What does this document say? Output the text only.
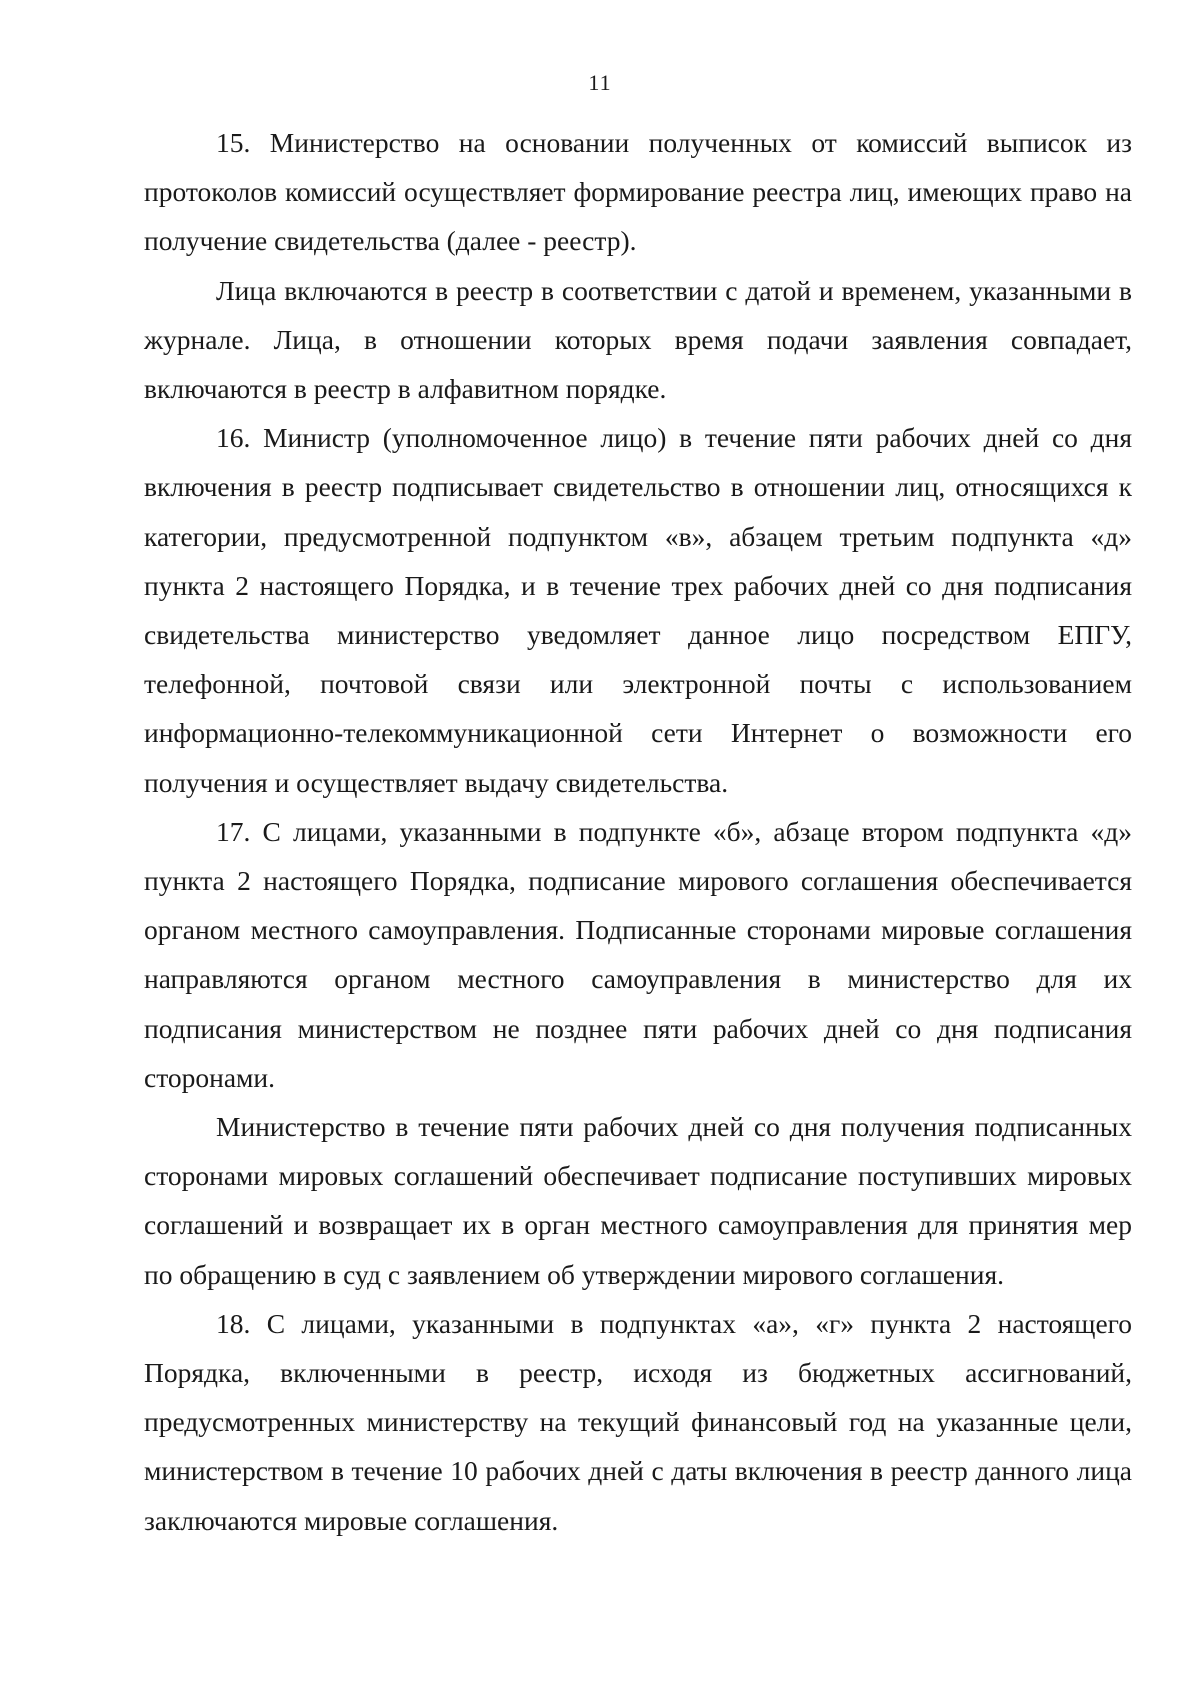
11

15. Министерство на основании полученных от комиссий выписок из протоколов комиссий осуществляет формирование реестра лиц, имеющих право на получение свидетельства (далее - реестр).

Лица включаются в реестр в соответствии с датой и временем, указанными в журнале. Лица, в отношении которых время подачи заявления совпадает, включаются в реестр в алфавитном порядке.

16. Министр (уполномоченное лицо) в течение пяти рабочих дней со дня включения в реестр подписывает свидетельство в отношении лиц, относящихся к категории, предусмотренной подпунктом «в», абзацем третьим подпункта «д» пункта 2 настоящего Порядка, и в течение трех рабочих дней со дня подписания свидетельства министерство уведомляет данное лицо посредством ЕПГУ, телефонной, почтовой связи или электронной почты с использованием информационно-телекоммуникационной сети Интернет о возможности его получения и осуществляет выдачу свидетельства.

17. С лицами, указанными в подпункте «б», абзаце втором подпункта «д» пункта 2 настоящего Порядка, подписание мирового соглашения обеспечивается органом местного самоуправления. Подписанные сторонами мировые соглашения направляются органом местного самоуправления в министерство для их подписания министерством не позднее пяти рабочих дней со дня подписания сторонами.

Министерство в течение пяти рабочих дней со дня получения подписанных сторонами мировых соглашений обеспечивает подписание поступивших мировых соглашений и возвращает их в орган местного самоуправления для принятия мер по обращению в суд с заявлением об утверждении мирового соглашения.

18. С лицами, указанными в подпунктах «а», «г» пункта 2 настоящего Порядка, включенными в реестр, исходя из бюджетных ассигнований, предусмотренных министерству на текущий финансовый год на указанные цели, министерством в течение 10 рабочих дней с даты включения в реестр данного лица заключаются мировые соглашения.
